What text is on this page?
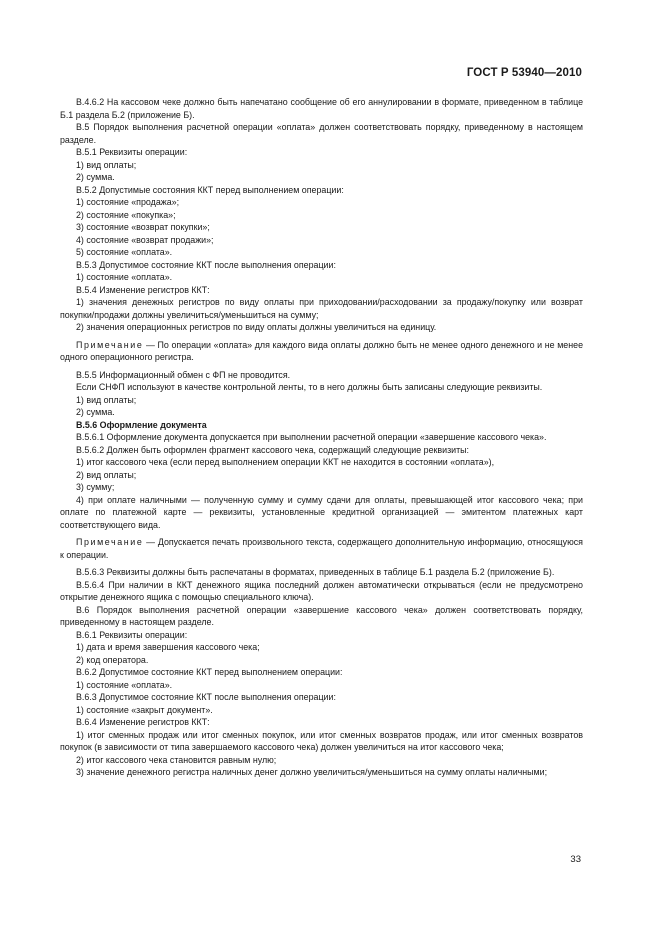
ГОСТ Р 53940—2010

B.4.6.2 На кассовом чеке должно быть напечатано сообщение об его аннулировании в формате, приведенном в таблице Б.1 раздела Б.2 (приложение Б).

B.5 Порядок выполнения расчетной операции «оплата» должен соответствовать порядку, приведенному в настоящем разделе.

B.5.1 Реквизиты операции:

1) вид оплаты;

2) сумма.

B.5.2 Допустимые состояния ККТ перед выполнением операции:

1) состояние «продажа»;

2) состояние «покупка»;

3) состояние «возврат покупки»;

4) состояние «возврат продажи»;

5) состояние «оплата».

B.5.3 Допустимое состояние ККТ после выполнения операции:

1) состояние «оплата».

B.5.4 Изменение регистров ККТ:

1) значения денежных регистров по виду оплаты при приходовании/расходовании за продажу/покупку или возврат покупки/продажи должны увеличиться/уменьшиться на сумму;

2) значения операционных регистров по виду оплаты должны увеличиться на единицу.

Примечание — По операции «оплата» для каждого вида оплаты должно быть не менее одного денежного и не менее одного операционного регистра.

B.5.5 Информационный обмен с ФП не проводится.

Если СНФП используют в качестве контрольной ленты, то в него должны быть записаны следующие реквизиты.

1) вид оплаты;

2) сумма.

B.5.6 Оформление документа

B.5.6.1 Оформление документа допускается при выполнении расчетной операции «завершение кассового чека».

B.5.6.2 Должен быть оформлен фрагмент кассового чека, содержащий следующие реквизиты:

1) итог кассового чека (если перед выполнением операции ККТ не находится в состоянии «оплата»),

2) вид оплаты;

3) сумму;

4) при оплате наличными — полученную сумму и сумму сдачи для оплаты, превышающей итог кассового чека; при оплате по платежной карте — реквизиты, установленные кредитной организацией — эмитентом платежных карт соответствующего вида.

Примечание — Допускается печать произвольного текста, содержащего дополнительную информацию, относящуюся к операции.

B.5.6.3 Реквизиты должны быть распечатаны в форматах, приведенных в таблице Б.1 раздела Б.2 (приложение Б).

B.5.6.4 При наличии в ККТ денежного ящика последний должен автоматически открываться (если не предусмотрено открытие денежного ящика с помощью специального ключа).

B.6 Порядок выполнения расчетной операции «завершение кассового чека» должен соответствовать порядку, приведенному в настоящем разделе.

B.6.1 Реквизиты операции:

1) дата и время завершения кассового чека;

2) код оператора.

B.6.2 Допустимое состояние ККТ перед выполнением операции:

1) состояние «оплата».

B.6.3 Допустимое состояние ККТ после выполнения операции:

1) состояние «закрыт документ».

B.6.4 Изменение регистров ККТ:

1) итог сменных продаж или итог сменных покупок, или итог сменных возвратов продаж, или итог сменных возвратов покупок (в зависимости от типа завершаемого кассового чека) должен увеличиться на итог кассового чека;

2) итог кассового чека становится равным нулю;

3) значение денежного регистра наличных денег должно увеличиться/уменьшиться на сумму оплаты наличными;

33
